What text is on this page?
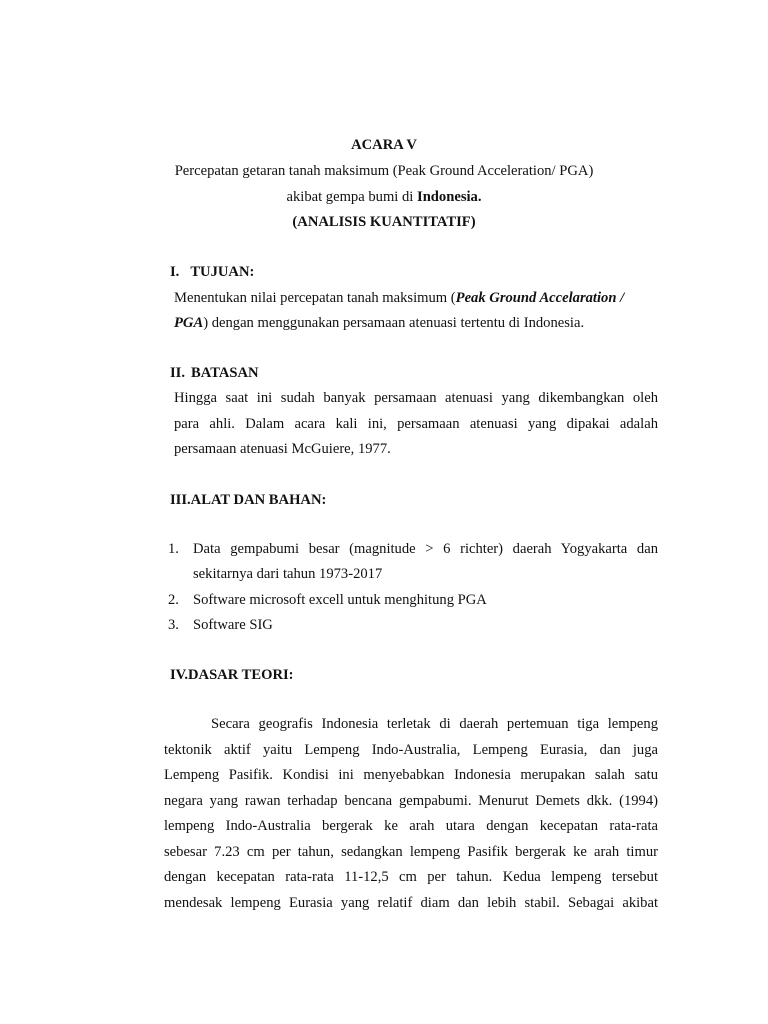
ACARA V
Percepatan getaran tanah maksimum (Peak Ground Acceleration/ PGA)
akibat gempa bumi di Indonesia.
(ANALISIS KUANTITATIF)
I. TUJUAN:
Menentukan nilai percepatan tanah maksimum (Peak Ground Accelaration /
PGA) dengan menggunakan persamaan atenuasi tertentu di Indonesia.
II. BATASAN
Hingga saat ini sudah banyak persamaan atenuasi yang dikembangkan oleh
para ahli. Dalam acara kali ini, persamaan atenuasi yang dipakai adalah
persamaan atenuasi McGuiere, 1977.
III.ALAT DAN BAHAN:
1. Data gempabumi besar (magnitude > 6 richter) daerah Yogyakarta dan
sekitarnya dari tahun 1973-2017
2. Software microsoft excell untuk menghitung PGA
3. Software SIG
IV.DASAR TEORI:
Secara geografis Indonesia terletak di daerah pertemuan tiga lempeng
tektonik aktif yaitu Lempeng Indo-Australia, Lempeng Eurasia, dan juga
Lempeng Pasifik. Kondisi ini menyebabkan Indonesia merupakan salah satu
negara yang rawan terhadap bencana gempabumi. Menurut Demets dkk. (1994)
lempeng Indo-Australia bergerak ke arah utara dengan kecepatan rata-rata
sebesar 7.23 cm per tahun, sedangkan lempeng Pasifik bergerak ke arah timur
dengan kecepatan rata-rata 11-12,5 cm per tahun. Kedua lempeng tersebut
mendesak lempeng Eurasia yang relatif diam dan lebih stabil. Sebagai akibat
